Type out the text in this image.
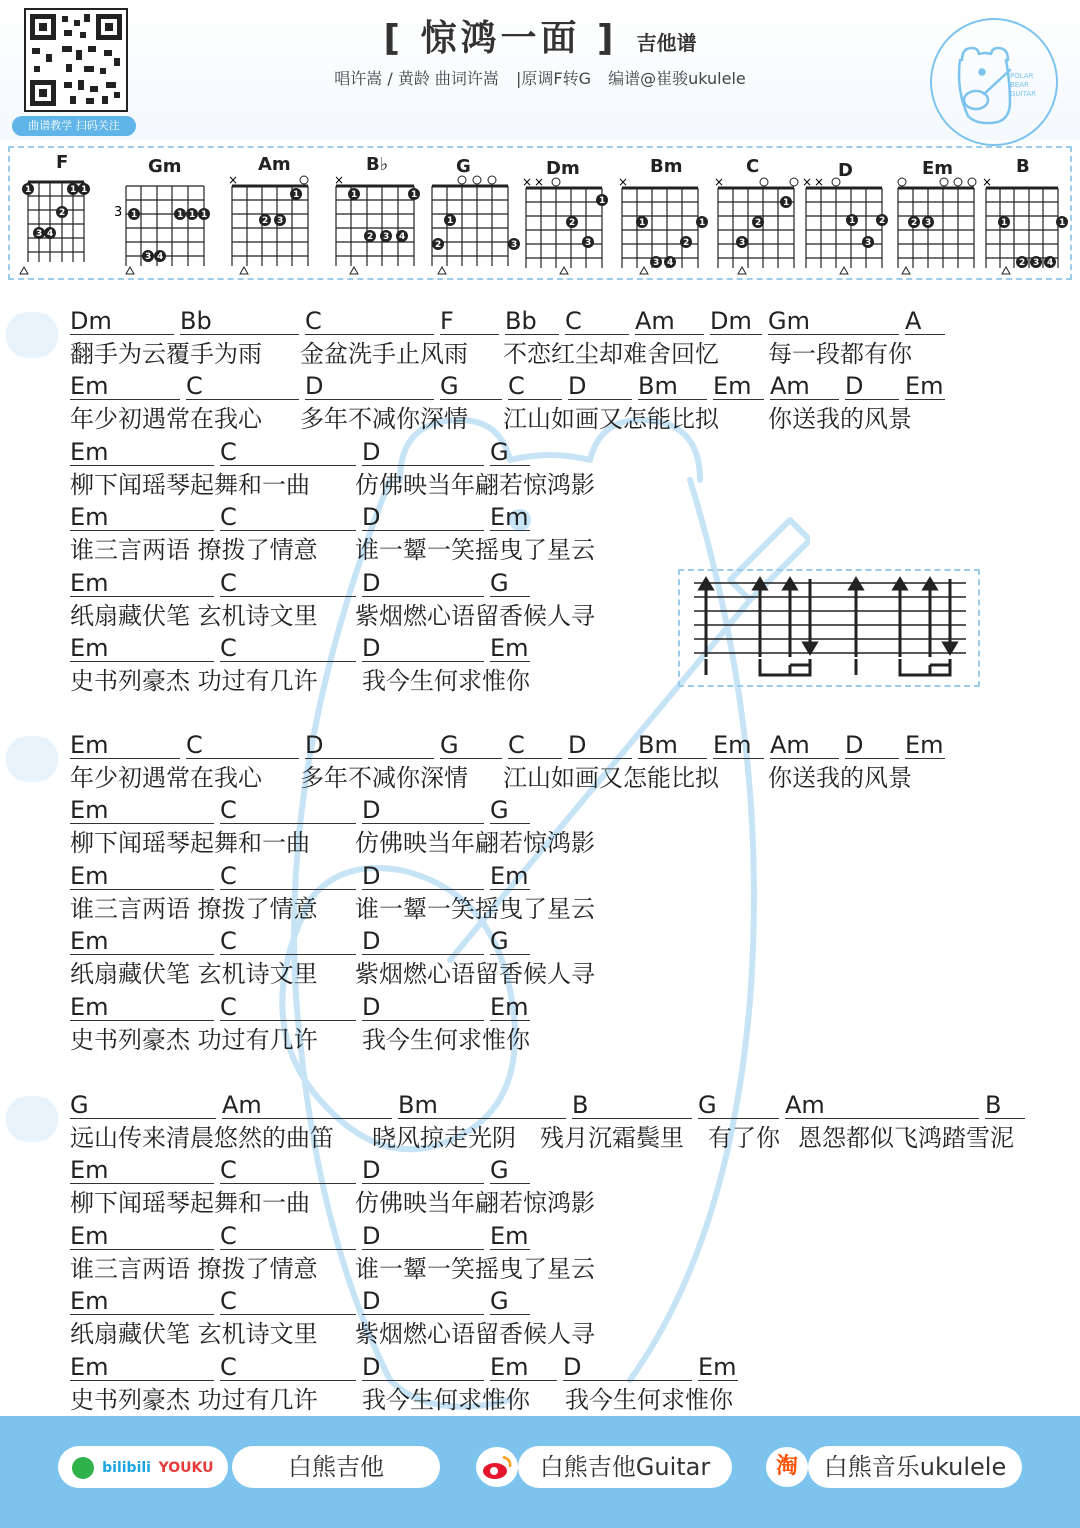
曲谱教学 扫码关注
[ 惊鸿一面 ] 吉他谱
唱许嵩 / 黄龄 曲词许嵩 |原调F转G 编谱@崔骏ukulele	POLAR
BEAR
GUITAR
F
1	1 1
2
3 4
Gm
3 1	1 1 1
3 4
Am
×
1
2 3
B♭
×
1	1
2 3 4
G
1
2	3
Dm
× ×
1
2
3
Bm
×
1	1
2
3 4
C
×
1
2
3
D
× ×
1	2
3
Em
2 3
B
×
1	1
2 3 4
Dm	Bb	C	F	Bb	C	Am	Dm Gm	A
翻手为云覆手为雨 金盆洗手止风雨 不恋红尘却难舍回忆 每一段都有你
Em	C	D	G	C	D	Bm	Em Am	D	Em
年少初遇常在我心 多年不减你深情 江山如画又怎能比拟 你送我的风景
Em	C	D	G
柳下闻瑶琴起舞和一曲 仿佛映当年翩若惊鸿影
Em	C	D	Em
谁三言两语 撩拨了情意 谁一颦一笑摇曳了星云
Em	C	D	G
纸扇藏伏笔 玄机诗文里 紫烟燃心语留香候人寻
Em	C	D	Em
史书列豪杰 功过有几许 我今生何求惟你
Em	C	D	G	C	D	Bm	Em Am	D	Em
年少初遇常在我心 多年不减你深情 江山如画又怎能比拟 你送我的风景
Em	C	D	G
柳下闻瑶琴起舞和一曲 仿佛映当年翩若惊鸿影
Em	C	D	Em
谁三言两语 撩拨了情意 谁一颦一笑摇曳了星云
Em	C	D	G
纸扇藏伏笔 玄机诗文里 紫烟燃心语留香候人寻
Em	C	D	Em
史书列豪杰 功过有几许 我今生何求惟你
G	Am	Bm	B	G	Am	B
远山传来清晨悠然的曲笛 晓风掠走光阴 残月沉霜鬓里 有了你 恩怨都似飞鸿踏雪泥
Em	C	D	G
柳下闻瑶琴起舞和一曲 仿佛映当年翩若惊鸿影
Em	C	D	Em
谁三言两语 撩拨了情意 谁一颦一笑摇曳了星云
Em	C	D	G
纸扇藏伏笔 玄机诗文里 紫烟燃心语留香候人寻
Em	C	D	Em	D	Em
史书列豪杰 功过有几许 我今生何求惟你 我今生何求惟你
bilibili YOUKU	白熊吉他	白熊吉他Guitar	淘	白熊音乐ukulele
